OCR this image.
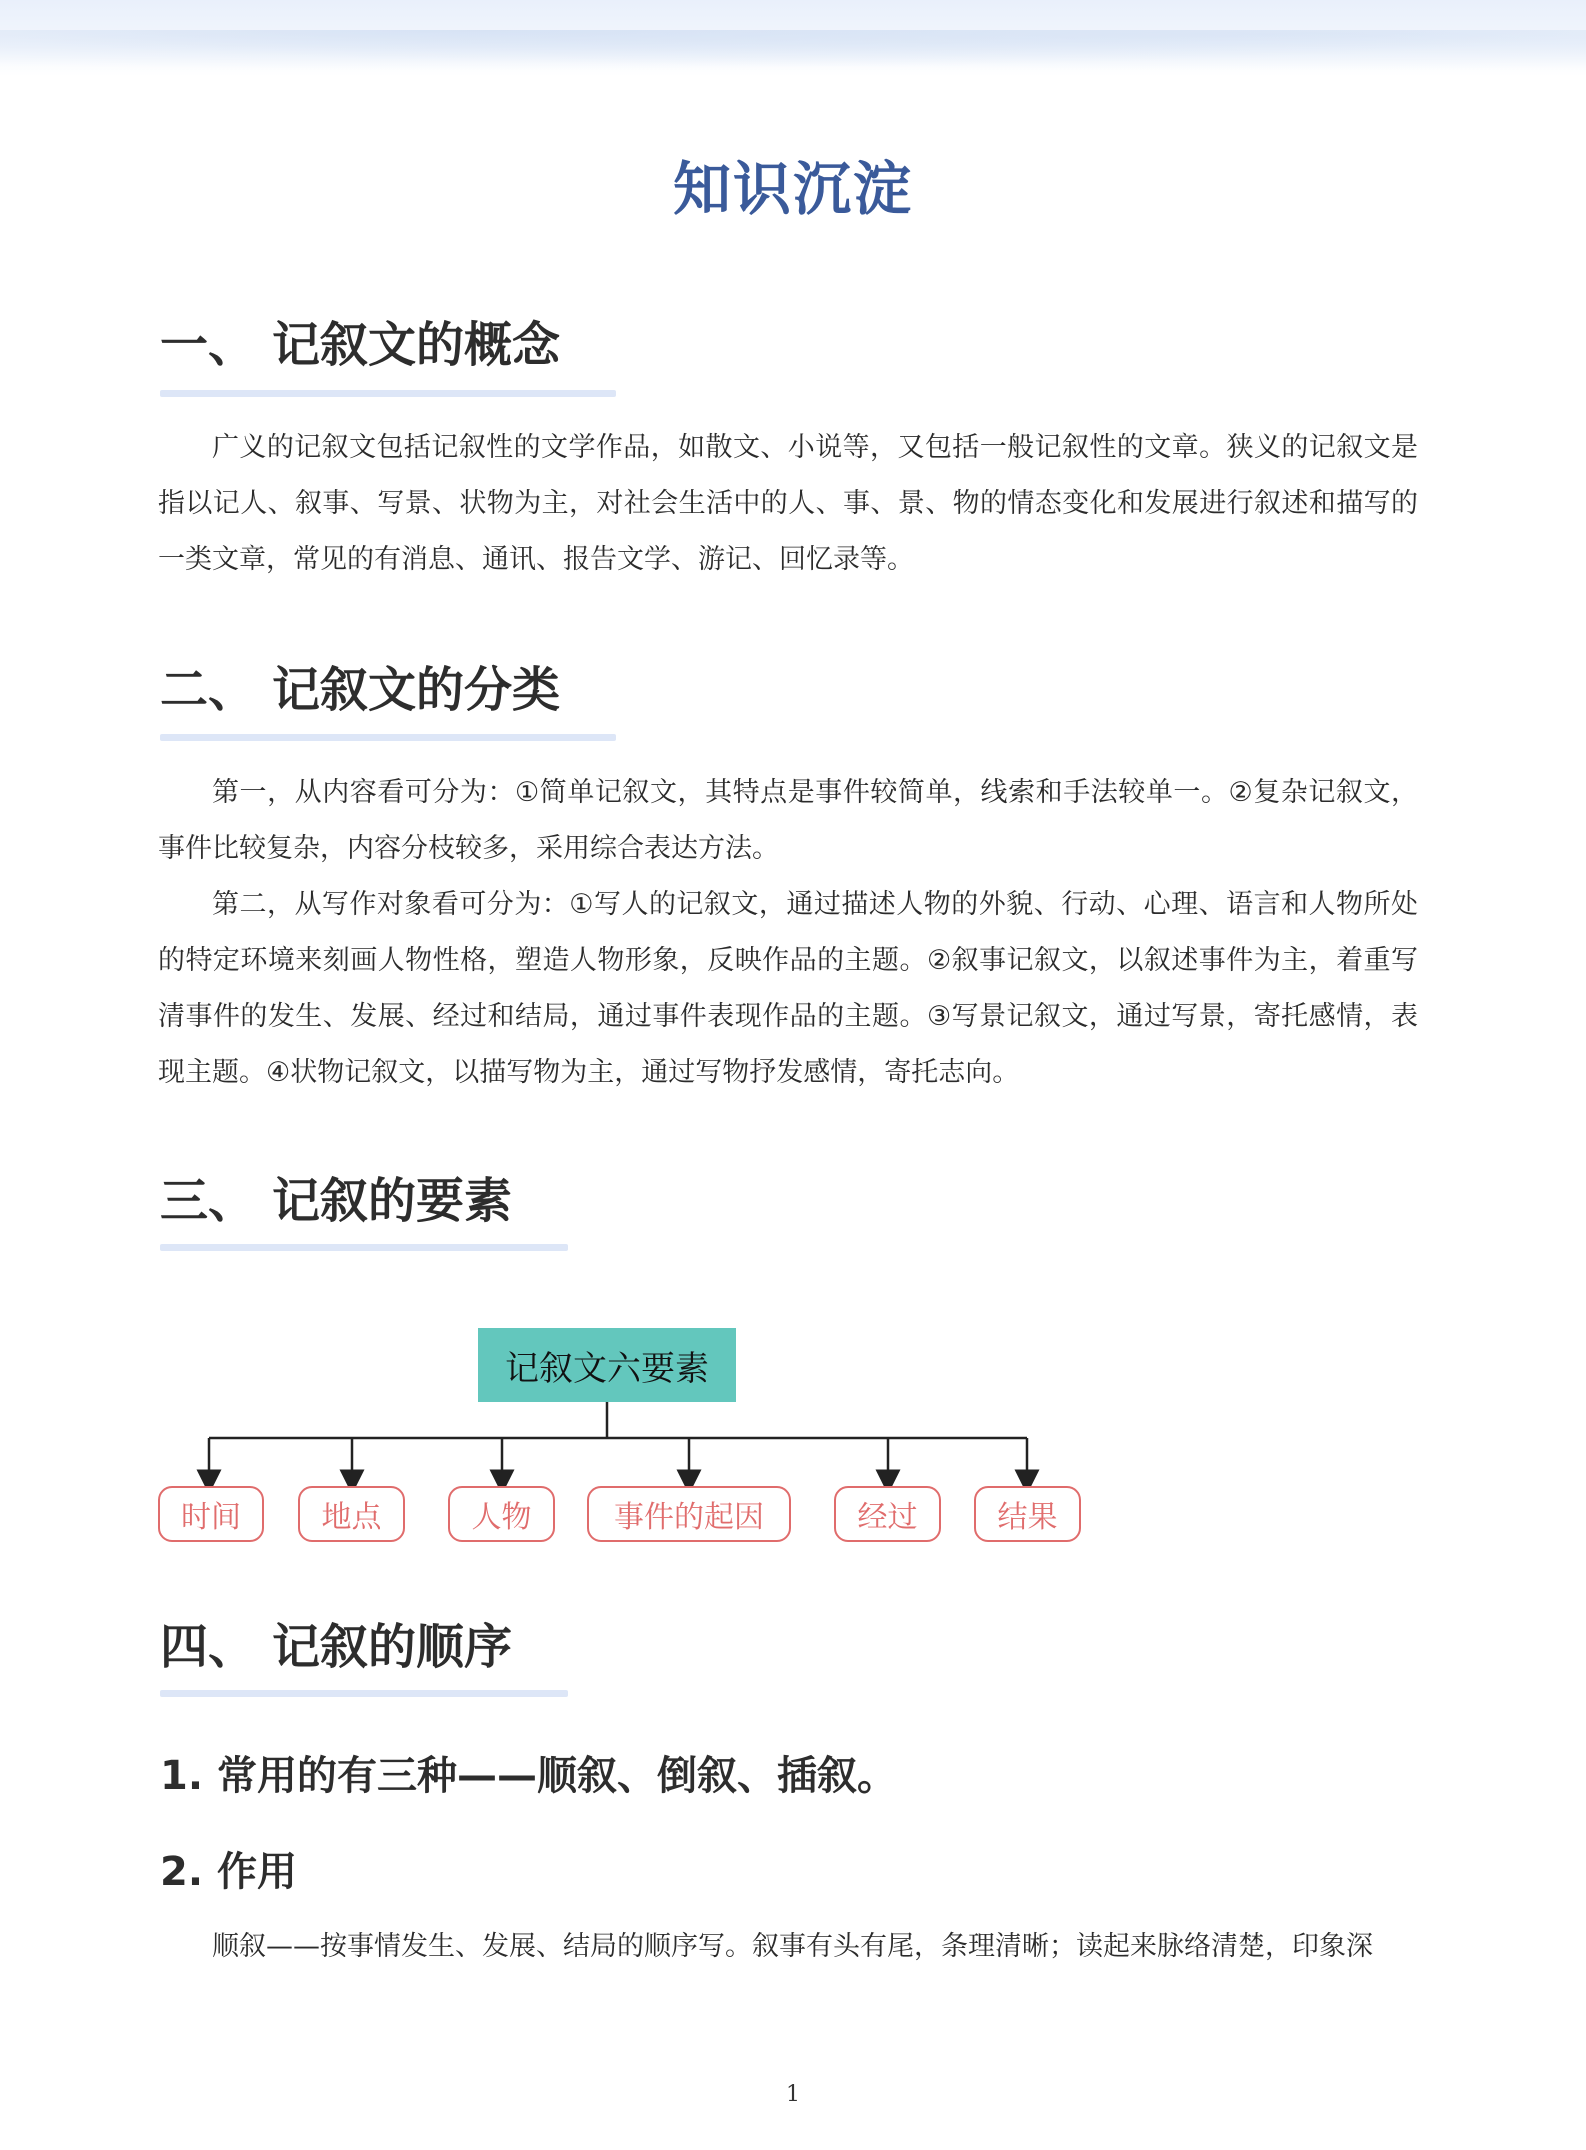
知识沉淀
一、 记叙文的概念

广义的记叙文包括记叙性的文学作品，如散文、小说等，又包括一般记叙性的文章。狭义的记叙文是指以记人、叙事、写景、状物为主，对社会生活中的人、事、景、物的情态变化和发展进行叙述和描写的一类文章，常见的有消息、通讯、报告文学、游记、回忆录等。

二、 记叙文的分类

第一，从内容看可分为：①简单记叙文，其特点是事件较简单，线索和手法较单一。②复杂记叙文，事件比较复杂，内容分枝较多，采用综合表达方法。

第二，从写作对象看可分为：①写人的记叙文，通过描述人物的外貌、行动、心理、语言和人物所处的特定环境来刻画人物性格，塑造人物形象，反映作品的主题。②叙事记叙文，以叙述事件为主，着重写清事件的发生、发展、经过和结局，通过事件表现作品的主题。③写景记叙文，通过写景，寄托感情，表现主题。④状物记叙文，以描写物为主，通过写物抒发感情，寄托志向。

三、 记叙的要素
记叙文六要素
时间	地点	人物	事件的起因	经过	结果
四、 记叙的顺序
1. 常用的有三种——顺叙、倒叙、插叙。
2. 作用

顺叙——按事情发生、发展、结局的顺序写。叙事有头有尾，条理清晰；读起来脉络清楚，印象深

1
